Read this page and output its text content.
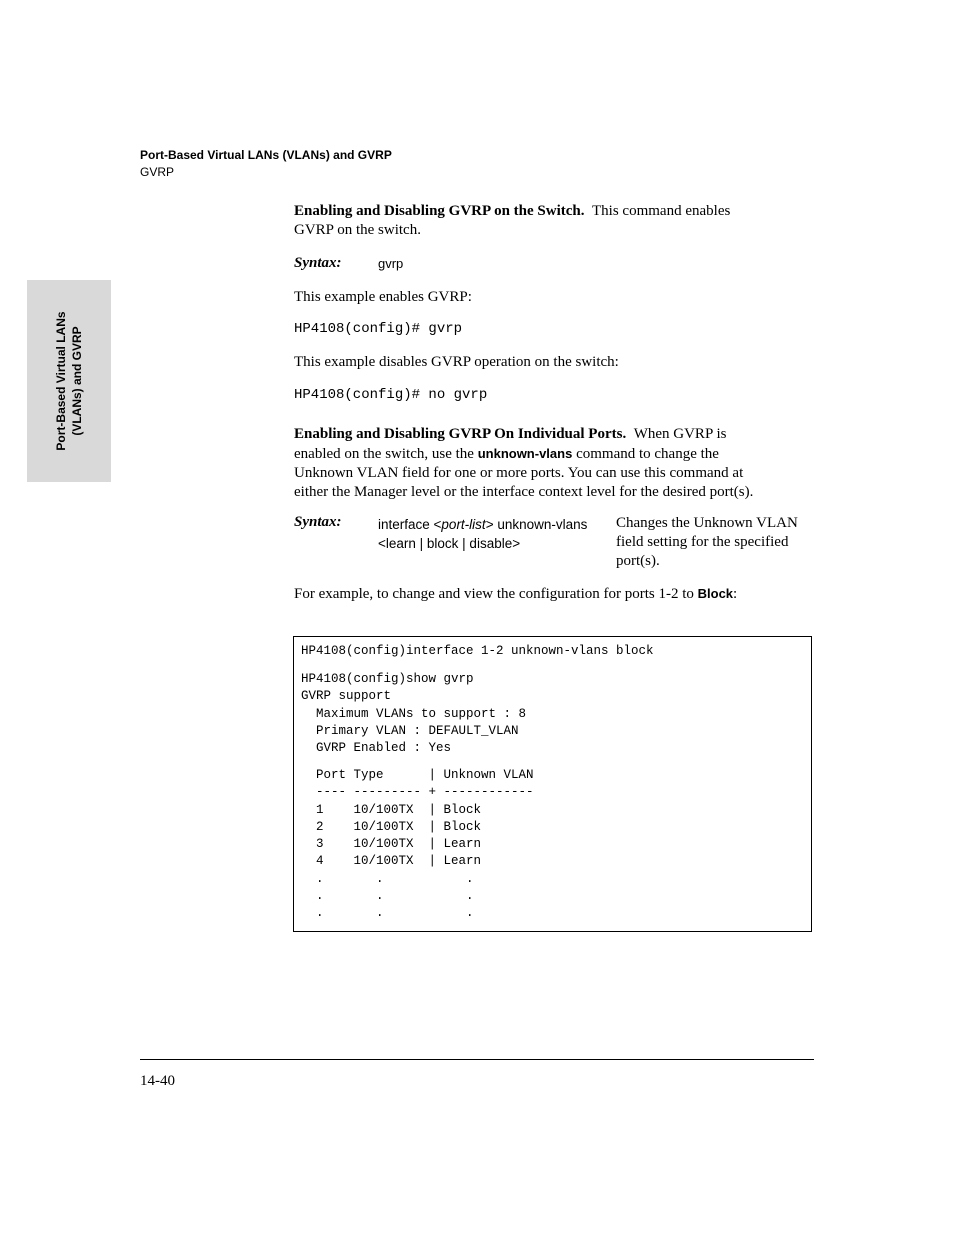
Port-Based Virtual LANs (VLANs) and GVRP
GVRP
Port-Based Virtual LANs (VLANs) and GVRP
Enabling and Disabling GVRP on the Switch. This command enables
GVRP on the switch.
Syntax:	gvrp
This example enables GVRP:
HP4108(config)# gvrp
This example disables GVRP operation on the switch:
HP4108(config)# no gvrp
Enabling and Disabling GVRP On Individual Ports. When GVRP is
enabled on the switch, use the unknown-vlans command to change the
Unknown VLAN field for one or more ports. You can use this command at
either the Manager level or the interface context level for the desired port(s).
Syntax:	interface <port-list> unknown-vlans
<learn | block | disable>
Changes the Unknown VLAN
field setting for the specified
port(s).
For example, to change and view the configuration for ports 1-2 to Block:
HP4108(config)interface 1-2 unknown-vlans block
HP4108(config)show gvrp
GVRP support
Maximum VLANs to support : 8
Primary VLAN : DEFAULT_VLAN
GVRP Enabled : Yes
Port Type      | Unknown VLAN
---- --------- + ------------
1    10/100TX  | Block
2    10/100TX  | Block
3    10/100TX  | Learn
4    10/100TX  | Learn
.       .           .
.       .           .
.       .           .
14-40
